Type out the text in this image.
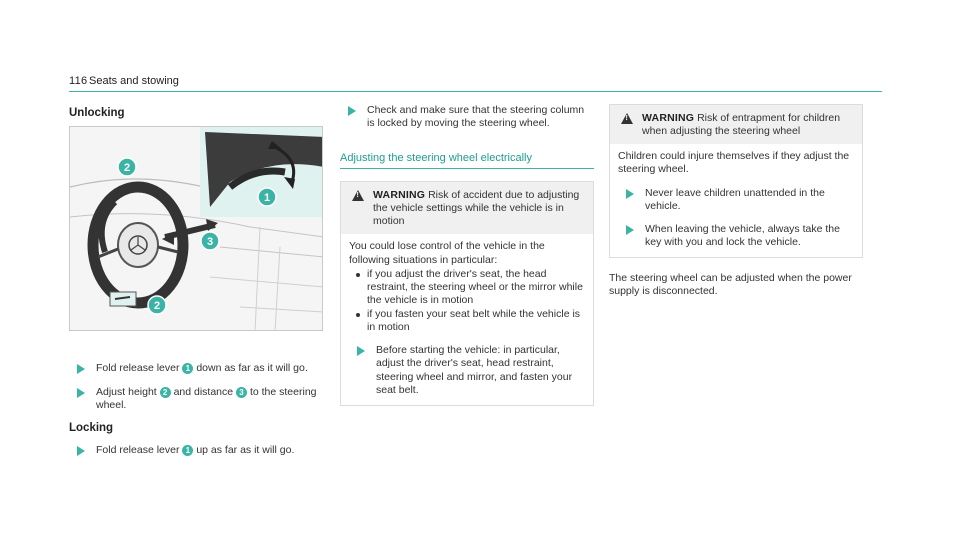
116 Seats and stowing
Unlocking
1
2
3
2
Fold release lever 1 down as far as it will go.
Adjust height 2 and distance 3 to the steering wheel.
Locking
Fold release lever 1 up as far as it will go.
Check and make sure that the steering column is locked by moving the steering wheel.
Adjusting the steering wheel electrically
!
WARNING Risk of accident due to adjusting the vehicle settings while the vehicle is in motion
You could lose control of the vehicle in the following situations in particular:
if you adjust the driver's seat, the head restraint, the steering wheel or the mirror while the vehicle is in motion
if you fasten your seat belt while the vehicle is in motion
Before starting the vehicle: in particular, adjust the driver's seat, head restraint, steering wheel and mirror, and fasten your seat belt.
!
WARNING Risk of entrapment for children when adjusting the steering wheel
Children could injure themselves if they adjust the steering wheel.
Never leave children unattended in the vehicle.
When leaving the vehicle, always take the key with you and lock the vehicle.
The steering wheel can be adjusted when the power supply is disconnected.
